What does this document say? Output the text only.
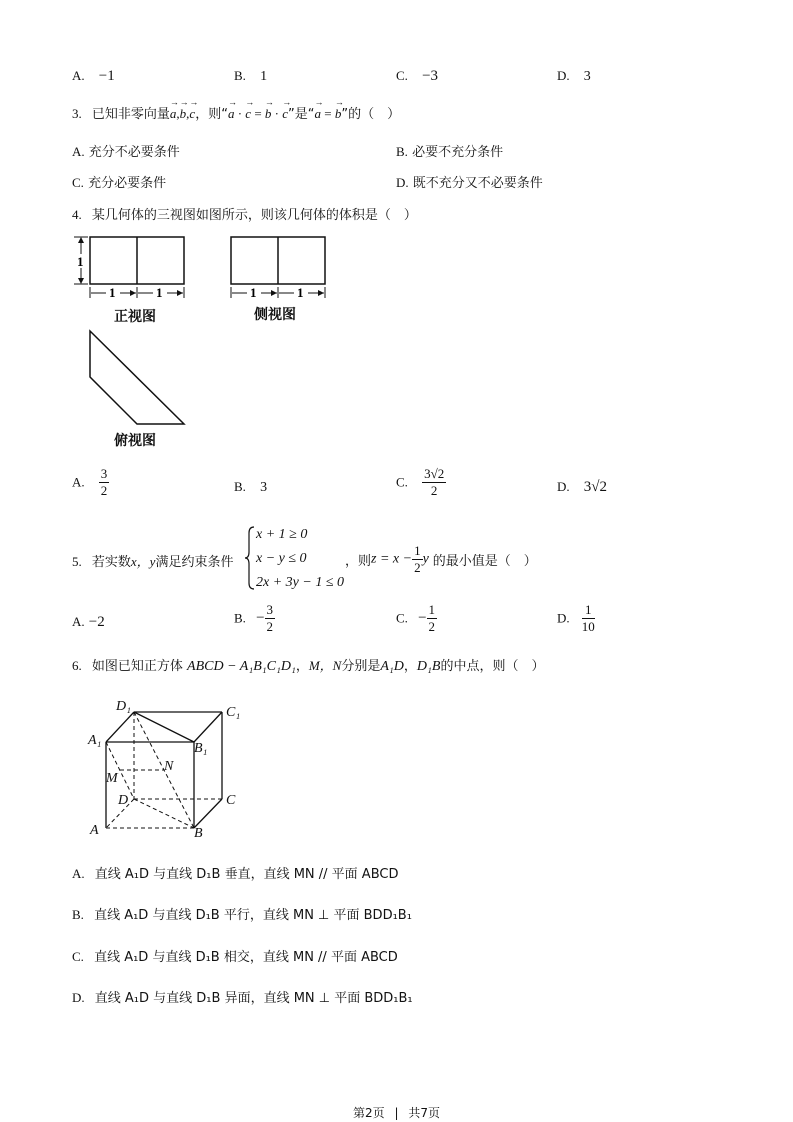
A. −1	B. 1	C. −3	D. 3
3. 已知非零向量→ a,→ b,→ c，则“→ a · → c = → b · → c”是“→ a = → b”的（　）
A. 充分不必要条件	B. 必要不充分条件
C. 充分必要条件	D. 既不充分又不必要条件
4. 某几何体的三视图如图所示，则该几何体的体积是（　）
1
1	1
正视图
1	1
侧视图
俯视图
A. $\frac{3}{2}$	B. 3	C. $\frac{3√2}{2}$	D. 3√2
5. 若实数x，y满足约束条件
x + 1 ≥ 0
x − y ≤ 0
2x + 3y − 1 ≤ 0
，则$z = x - \frac{1}{2}$ y 的最小值是（　）
A. −2	B. − $\frac{3}{2}$	C. − $\frac{1}{2}$	D. $\frac{1}{10}$
6. 如图已知正方体 ABCD − A₁B₁C₁D₁，M，N分别是A₁D，D₁B的中点，则（　）
D₁	C₁
A₁
B₁
M
N
D	C
A	B
A. 直线 A₁D 与直线 D₁B 垂直，直线 MN // 平面 ABCD
B. 直线 A₁D 与直线 D₁B 平行，直线 MN ⊥ 平面 BDD₁B₁
C. 直线 A₁D 与直线 D₁B 相交，直线 MN // 平面 ABCD
D. 直线 A₁D 与直线 D₁B 异面，直线 MN ⊥ 平面 BDD₁B₁
第2页 | 共7页
